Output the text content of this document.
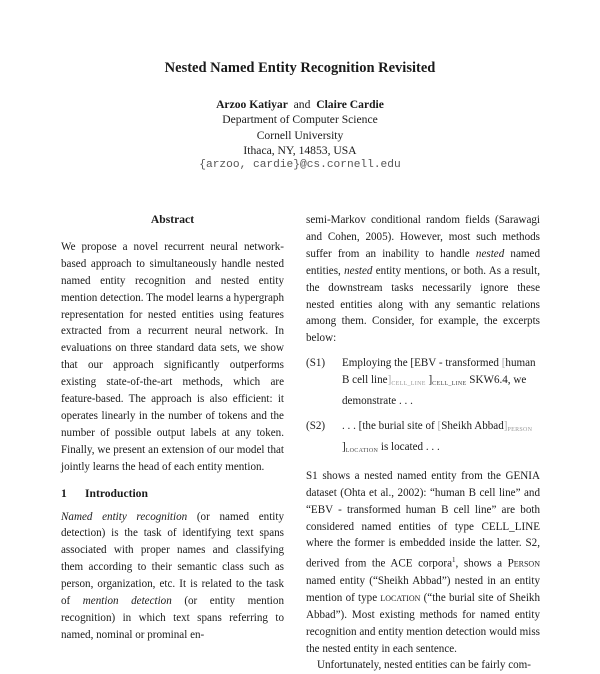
Nested Named Entity Recognition Revisited
Arzoo Katiyar and Claire Cardie
Department of Computer Science
Cornell University
Ithaca, NY, 14853, USA
{arzoo, cardie}@cs.cornell.edu
Abstract

We propose a novel recurrent neural network-based approach to simultaneously handle nested named entity recognition and nested entity mention detection. The model learns a hypergraph representation for nested entities using features extracted from a recurrent neural network. In evaluations on three standard data sets, we show that our approach significantly outperforms existing state-of-the-art methods, which are feature-based. The approach is also efficient: it operates linearly in the number of tokens and the number of possible output labels at any token. Finally, we present an extension of our model that jointly learns the head of each entity mention.

1 Introduction

Named entity recognition (or named entity detection) is the task of identifying text spans associated with proper names and classifying them according to their semantic class such as person, organization, etc. It is related to the task of mention detection (or entity mention recognition) in which text spans referring to named, nominal or prominal en-

semi-Markov conditional random fields (Sarawagi and Cohen, 2005). However, most such methods suffer from an inability to handle nested named entities, nested entity mentions, or both. As a result, the downstream tasks necessarily ignore these nested entities along with any semantic relations among them. Consider, for example, the excerpts below:

(S1)	Employing the [EBV - transformed [human B cell line]CELL_LINE ]CELL_LINE SKW6.4, we demonstrate . . .
(S2)	. . . [the burial site of [Sheikh Abbad]PERSON ]LOCATION is located . . .

S1 shows a nested named entity from the GENIA dataset (Ohta et al., 2002): “human B cell line” and “EBV - transformed human B cell line” are both considered named entities of type CELL_LINE where the former is embedded inside the latter. S2, derived from the ACE corpora$^1$, shows a Person named entity (“Sheikh Abbad”) nested in an entity mention of type location (“the burial site of Sheikh Abbad”). Most existing methods for named entity recognition and entity mention detection would miss the nested entity in each sentence.

Unfortunately, nested entities can be fairly com-
